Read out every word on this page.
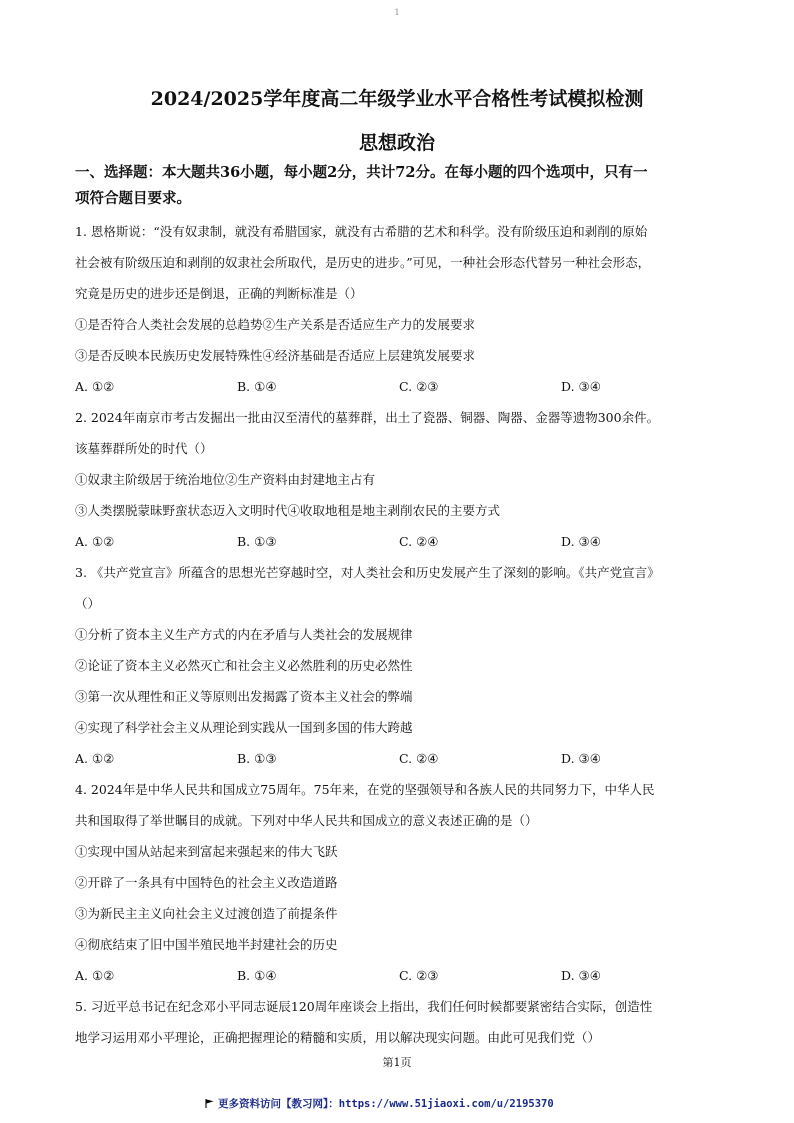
1
2024/2025学年度高二年级学业水平合格性考试模拟检测
思想政治
一、选择题：本大题共36小题，每小题2分，共计72分。在每小题的四个选项中，只有一
项符合题目要求。
1. 恩格斯说：“没有奴隶制，就没有希腊国家，就没有古希腊的艺术和科学。没有阶级压迫和剥削的原始
社会被有阶级压迫和剥削的奴隶社会所取代，是历史的进步。”可见，一种社会形态代替另一种社会形态，
究竟是历史的进步还是倒退，正确的判断标准是（）
①是否符合人类社会发展的总趋势②生产关系是否适应生产力的发展要求
③是否反映本民族历史发展特殊性④经济基础是否适应上层建筑发展要求
A. ①②	B. ①④	C. ②③	D. ③④
2. 2024年南京市考古发掘出一批由汉至清代的墓葬群，出土了瓷器、铜器、陶器、金器等遗物300余件。
该墓葬群所处的时代（）
①奴隶主阶级居于统治地位②生产资料由封建地主占有
③人类摆脱蒙昧野蛮状态迈入文明时代④收取地租是地主剥削农民的主要方式
A. ①②	B. ①③	C. ②④	D. ③④
3. 《共产党宣言》所蕴含的思想光芒穿越时空，对人类社会和历史发展产生了深刻的影响。《共产党宣言》
（）
①分析了资本主义生产方式的内在矛盾与人类社会的发展规律
②论证了资本主义必然灭亡和社会主义必然胜利的历史必然性
③第一次从理性和正义等原则出发揭露了资本主义社会的弊端
④实现了科学社会主义从理论到实践从一国到多国的伟大跨越
A. ①②	B. ①③	C. ②④	D. ③④
4. 2024年是中华人民共和国成立75周年。75年来，在党的坚强领导和各族人民的共同努力下，中华人民
共和国取得了举世瞩目的成就。下列对中华人民共和国成立的意义表述正确的是（）
①实现中国从站起来到富起来强起来的伟大飞跃
②开辟了一条具有中国特色的社会主义改造道路
③为新民主主义向社会主义过渡创造了前提条件
④彻底结束了旧中国半殖民地半封建社会的历史
A. ①②	B. ①④	C. ②③	D. ③④
5. 习近平总书记在纪念邓小平同志诞辰120周年座谈会上指出，我们任何时候都要紧密结合实际，创造性
地学习运用邓小平理论，正确把握理论的精髓和实质，用以解决现实问题。由此可见我们党（）
第1页
更多资料访问【教习网】：https://www.51jiaoxi.com/u/2195370
